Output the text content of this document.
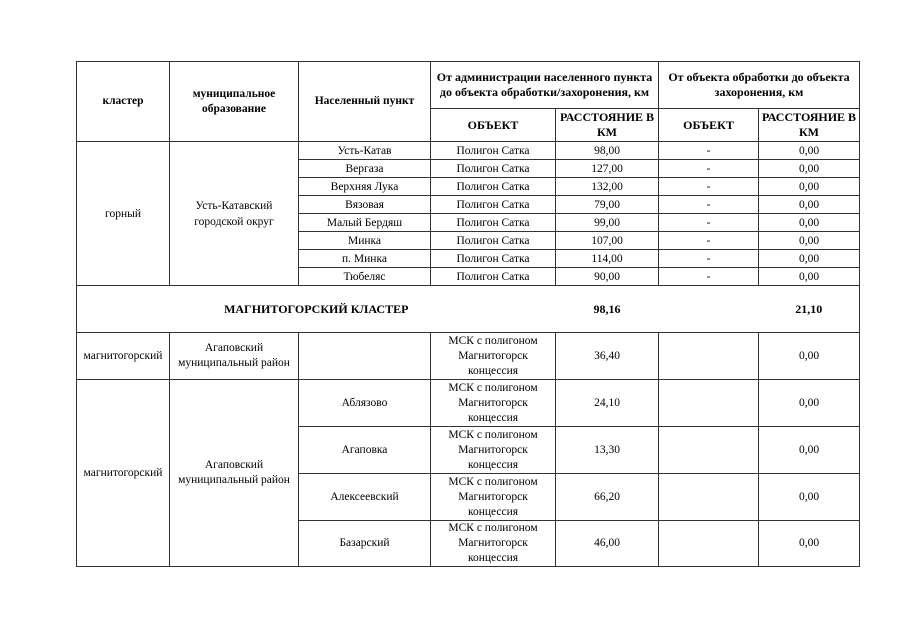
кластер	муниципальное образование	Населенный пункт	От администрации населенного пункта до объекта обработки/захоронения, км		От объекта обработки до объекта захоронения, км	
			ОБЪЕКТ	РАССТОЯНИЕ В КМ	ОБЪЕКТ	РАССТОЯНИЕ В КМ
горный	Усть-Катавский городской округ	Усть-Катав	Полигон Сатка	98,00	-	0,00
		Вергаза	Полигон Сатка	127,00	-	0,00
		Верхняя Лука	Полигон Сатка	132,00	-	0,00
		Вязовая	Полигон Сатка	79,00	-	0,00
		Малый Бердяш	Полигон Сатка	99,00	-	0,00
		Минка	Полигон Сатка	107,00	-	0,00
		п. Минка	Полигон Сатка	114,00	-	0,00
		Тюбеляс	Полигон Сатка	90,00	-	0,00
МАГНИТОГОРСКИЙ КЛАСТЕР				98,16		21,10
магнитогорский	Агаповский муниципальный район		МСК с полигоном Магнитогорск концессия	36,40		0,00
магнитогорский	Агаповский муниципальный район	Аблязово	МСК с полигоном Магнитогорск концессия	24,10		0,00
		Агаповка	МСК с полигоном Магнитогорск концессия	13,30		0,00
		Алексеевский	МСК с полигоном Магнитогорск концессия	66,20		0,00
		Базарский	МСК с полигоном Магнитогорск концессия	46,00		0,00
